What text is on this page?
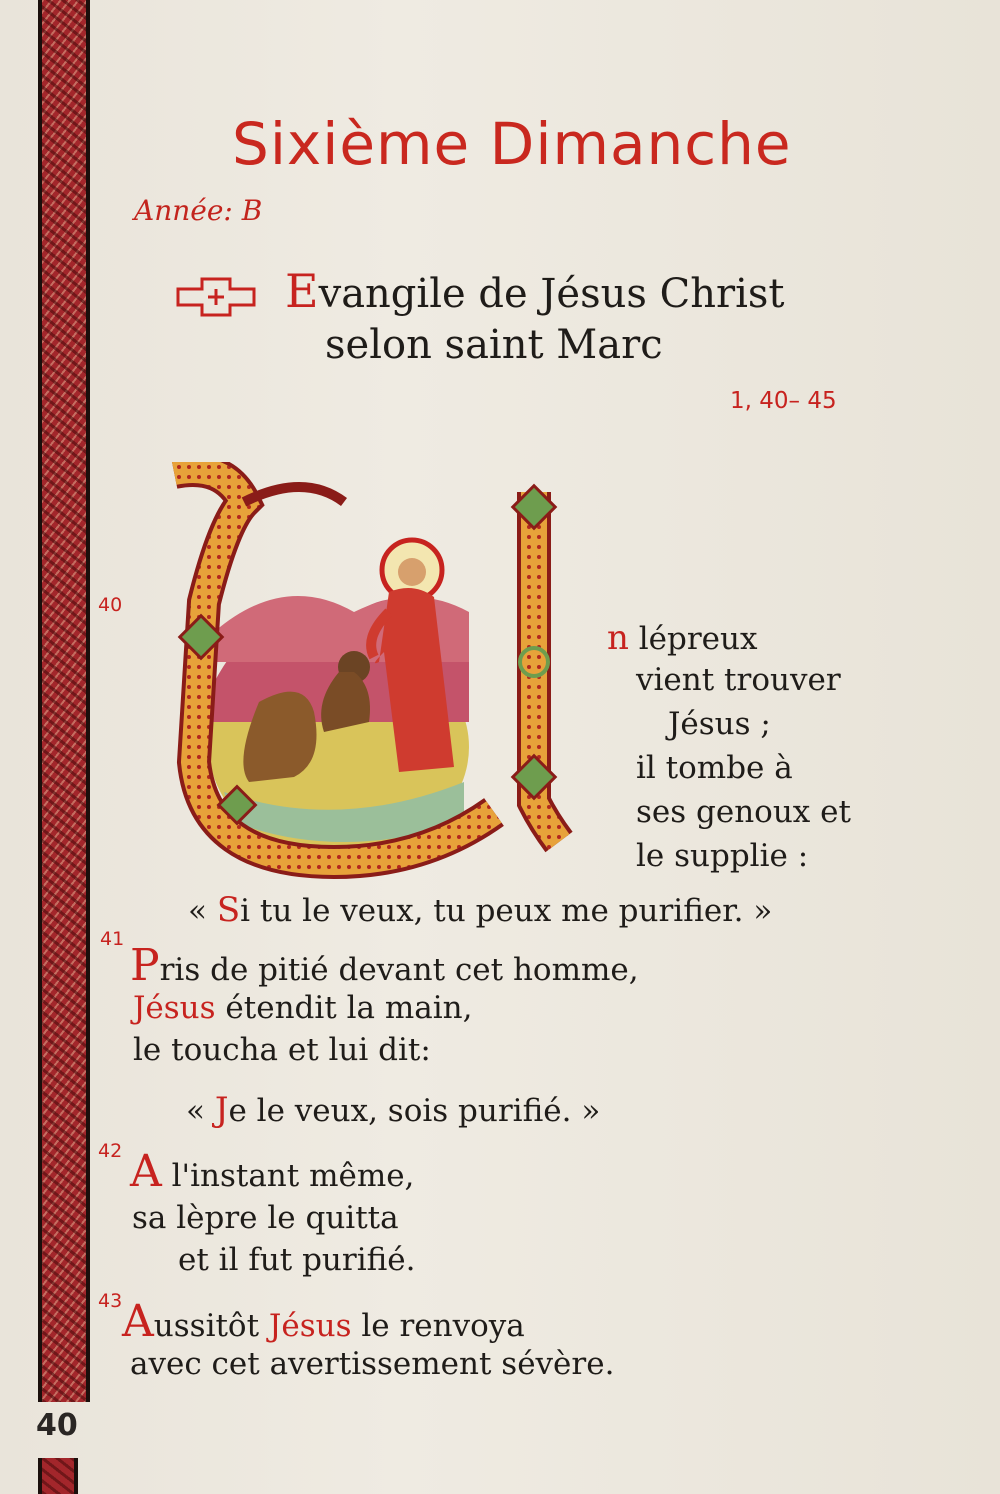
40
Sixième Dimanche
Année: B
Evangile de Jésus Christ
selon saint Marc
1, 40– 45
40
n lépreux
vient trouver
Jésus ;
il tombe à
ses genoux et
le supplie :
« Si tu le veux, tu peux me purifier. »
41
Pris de pitié devant cet homme,
Jésus étendit la main,
le toucha et lui dit:
« Je le veux, sois purifié. »
42 A l'instant même,
sa lèpre le quitta
et il fut purifié.
43 Aussitôt Jésus le renvoya
avec cet avertissement sévère.
